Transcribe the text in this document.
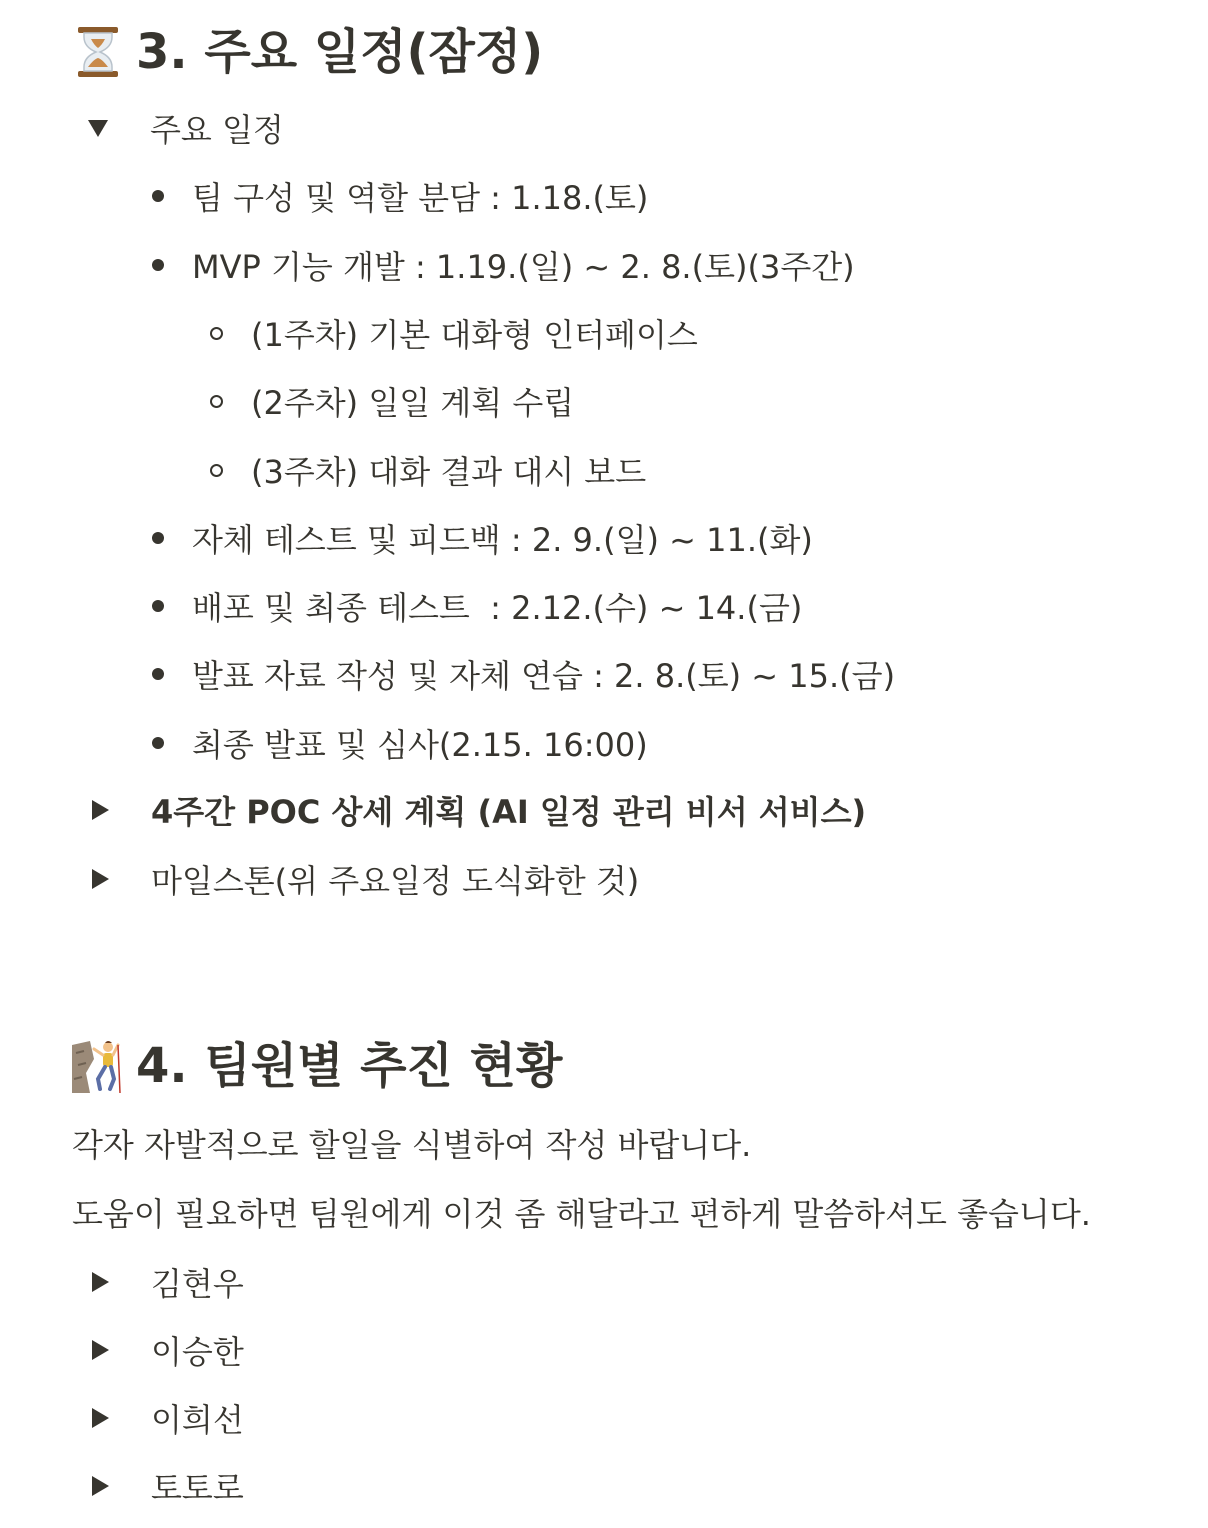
3. 주요 일정(잠정)
주요 일정
팀 구성 및 역할 분담 : 1.18.(토)
MVP 기능 개발 : 1.19.(일) ~ 2. 8.(토)(3주간)
(1주차) 기본 대화형 인터페이스
(2주차) 일일 계획 수립
(3주차) 대화 결과 대시 보드
자체 테스트 및 피드백 : 2. 9.(일) ~ 11.(화)
배포 및 최종 테스트  : 2.12.(수) ~ 14.(금)
발표 자료 작성 및 자체 연습 : 2. 8.(토) ~ 15.(금)
최종 발표 및 심사(2.15. 16:00)
4주간 POC 상세 계획 (AI 일정 관리 비서 서비스)
마일스톤(위 주요일정 도식화한 것)
4. 팀원별 추진 현황
각자 자발적으로 할일을 식별하여 작성 바랍니다.
도움이 필요하면 팀원에게 이것 좀 해달라고 편하게 말씀하셔도 좋습니다.
김현우
이승한
이희선
토토로
